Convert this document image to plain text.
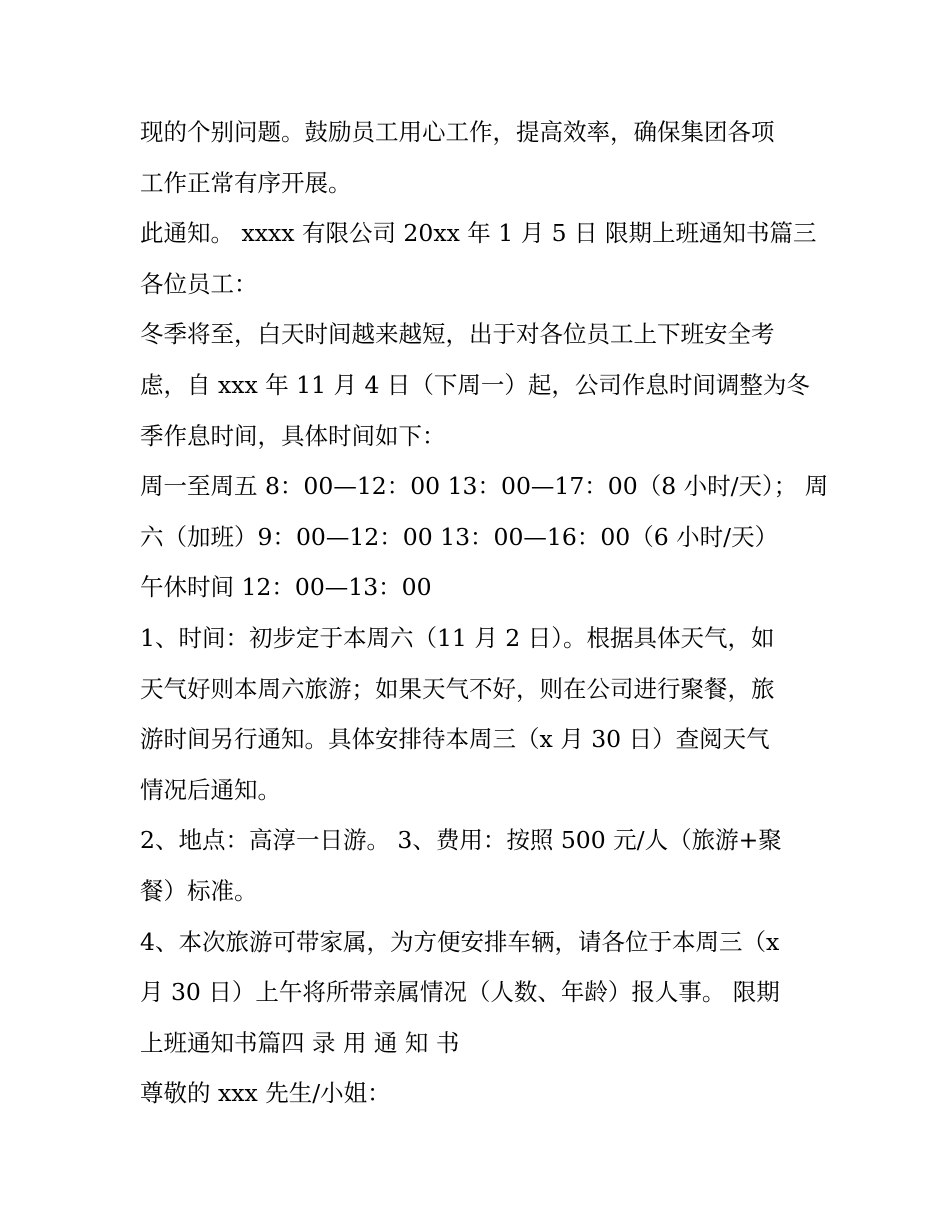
现的个别问题。鼓励员工用心工作，提高效率，确保集团各项
工作正常有序开展。
此通知。 xxxx 有限公司 20xx 年 1 月 5 日 限期上班通知书篇三
各位员工：
冬季将至，白天时间越来越短，出于对各位员工上下班安全考
虑，自 xxx 年 11 月 4 日（下周一）起，公司作息时间调整为冬
季作息时间，具体时间如下：
周一至周五 8：00—12：00 13：00—17：00（8 小时/天）； 周
六（加班）9：00—12：00 13：00—16：00（6 小时/天）
午休时间 12：00—13：00
1、时间：初步定于本周六（11 月 2 日）。根据具体天气，如
天气好则本周六旅游；如果天气不好，则在公司进行聚餐，旅
游时间另行通知。具体安排待本周三（x 月 30 日）查阅天气
情况后通知。
2、地点：高淳一日游。 3、费用：按照 500 元/人（旅游+聚
餐）标准。
4、本次旅游可带家属，为方便安排车辆，请各位于本周三（x
月 30 日）上午将所带亲属情况（人数、年龄）报人事。 限期
上班通知书篇四 录 用 通 知 书
尊敬的 xxx 先生/小姐：
